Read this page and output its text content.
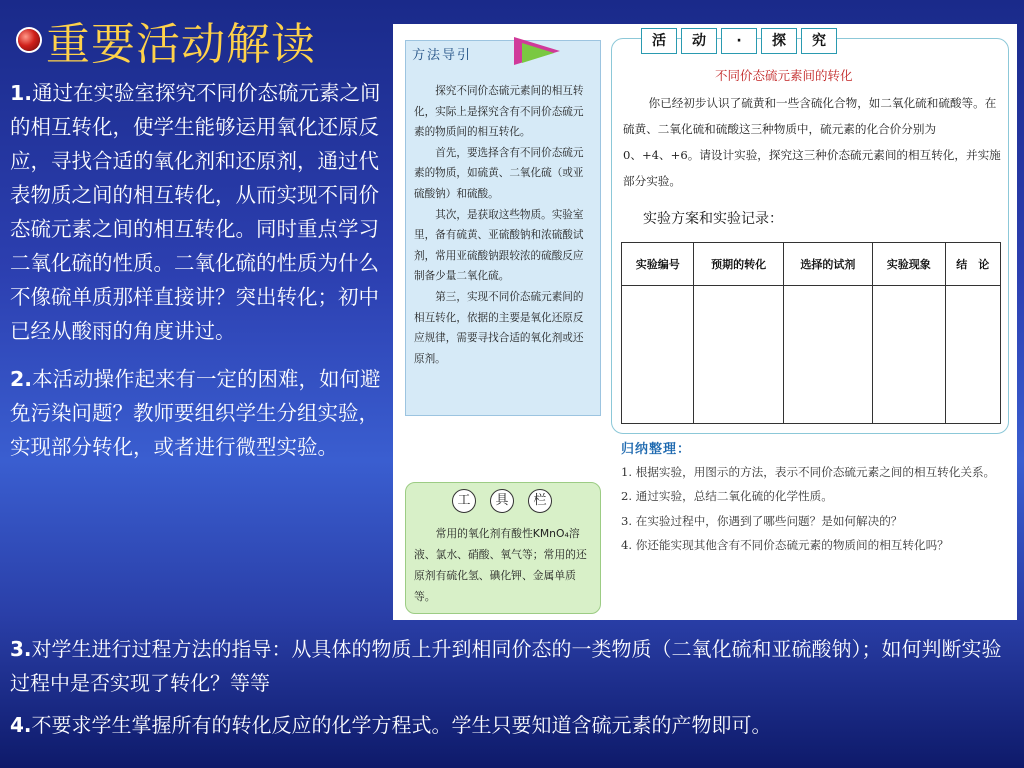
重要活动解读

1.通过在实验室探究不同价态硫元素之间的相互转化，使学生能够运用氧化还原反应，寻找合适的氧化剂和还原剂，通过代表物质之间的相互转化，从而实现不同价态硫元素之间的相互转化。同时重点学习二氧化硫的性质。二氧化硫的性质为什么不像硫单质那样直接讲？突出转化；初中已经从酸雨的角度讲过。

2.本活动操作起来有一定的困难，如何避免污染问题？教师要组织学生分组实验，实现部分转化，或者进行微型实验。

方法导引

探究不同价态硫元素间的相互转化，实际上是探究含有不同价态硫元素的物质间的相互转化。

首先，要选择含有不同价态硫元素的物质，如硫黄、二氧化硫（或亚硫酸钠）和硫酸。

其次，是获取这些物质。实验室里，备有硫黄、亚硫酸钠和浓硫酸试剂，常用亚硫酸钠跟较浓的硫酸反应制备少量二氧化硫。

第三，实现不同价态硫元素间的相互转化，依据的主要是氧化还原反应规律，需要寻找合适的氧化剂或还原剂。

工	具	栏

常用的氧化剂有酸性KMnO₄溶液、氯水、硝酸、氧气等；常用的还原剂有硫化氢、碘化钾、金属单质等。

活	动	·	探	究
不同价态硫元素间的转化

你已经初步认识了硫黄和一些含硫化合物，如二氧化硫和硫酸等。在硫黄、二氧化硫和硫酸这三种物质中，硫元素的化合价分别为0、+4、+6。请设计实验，探究这三种价态硫元素间的相互转化，并实施部分实验。

实验方案和实验记录：
实验编号	预期的转化	选择的试剂	实验现象	结　论

归纳整理：

1. 根据实验，用图示的方法，表示不同价态硫元素之间的相互转化关系。

2. 通过实验，总结二氧化硫的化学性质。

3. 在实验过程中，你遇到了哪些问题？是如何解决的？

4. 你还能实现其他含有不同价态硫元素的物质间的相互转化吗？

3.对学生进行过程方法的指导：从具体的物质上升到相同价态的一类物质（二氧化硫和亚硫酸钠）；如何判断实验过程中是否实现了转化？等等

4.不要求学生掌握所有的转化反应的化学方程式。学生只要知道含硫元素的产物即可。
